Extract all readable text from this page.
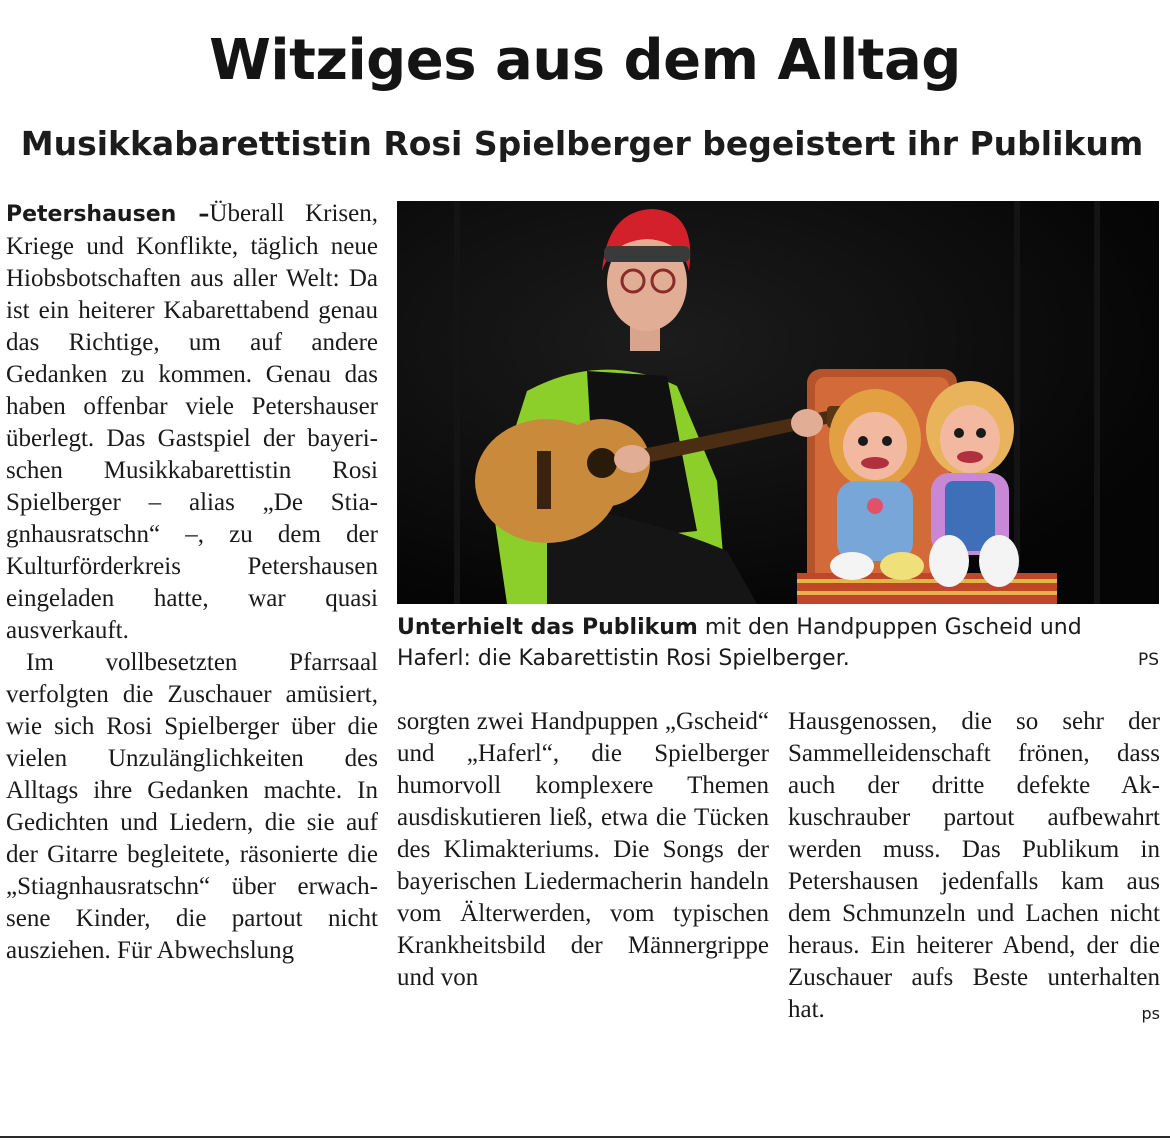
Witziges aus dem Alltag
Musikkabarettistin Rosi Spielberger begeistert ihr Publikum

Petershausen –Überall Krisen, Kriege und Konflikte, täglich neue Hiobsbotschaften aus aller Welt: Da ist ein heiterer Kabarettabend genau das Richtige, um auf andere Gedanken zu kommen. Genau das haben offenbar viele Petershauser überlegt. Das Gastspiel der bayerischen Musikkabarettistin Rosi Spielberger – alias „De Stiagnhausratschn“ –, zu dem der Kulturförderkreis Petershausen eingeladen hatte, war quasi ausverkauft.

Im vollbesetzten Pfarrsaal verfolgten die Zuschauer amüsiert, wie sich Rosi Spielberger über die vielen Unzulänglichkeiten des Alltags ihre Gedanken machte. In Gedichten und Liedern, die sie auf der Gitarre begleitete, räsonierte die „Stiagnhausratschn“ über erwachsene Kinder, die partout nicht ausziehen. Für Abwechslung

Unterhielt das Publikum mit den Handpuppen Gscheid und Haferl: die Kabarettistin Rosi Spielberger.	PS

sorgten zwei Handpuppen „Gscheid“ und „Haferl“, die Spielberger humorvoll komplexere Themen ausdiskutieren ließ, etwa die Tücken des Klimakteriums. Die Songs der bayerischen Liedermacherin handeln vom Älterwerden, vom typischen Krankheitsbild der Männergrippe und von

Hausgenossen, die so sehr der Sammelleidenschaft frönen, dass auch der dritte defekte Akkuschrauber partout aufbewahrt werden muss. Das Publikum in Petershausen jedenfalls kam aus dem Schmunzeln und Lachen nicht heraus. Ein heiterer Abend, der die Zuschauer aufs Beste unterhalten hat.	ps
